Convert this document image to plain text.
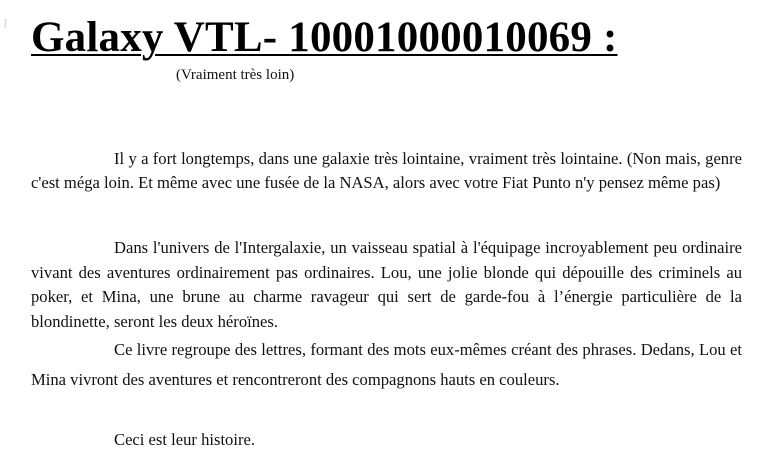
I Galaxy VTL- 10001000010069 :

(Vraiment très loin)

Il y a fort longtemps, dans une galaxie très lointaine, vraiment très lointaine. (Non mais, genre c'est méga loin. Et même avec une fusée de la NASA, alors avec votre Fiat Punto n'y pensez même pas)

Dans l'univers de l'Intergalaxie, un vaisseau spatial à l'équipage incroyablement peu ordinaire vivant des aventures ordinairement pas ordinaires. Lou, une jolie blonde qui dépouille des criminels au poker, et Mina, une brune au charme ravageur qui sert de garde-fou à l’énergie particulière de la blondinette, seront les deux héroïnes.

Ce livre regroupe des lettres, formant des mots eux-mêmes créant des phrases. Dedans, Lou et Mina vivront des aventures et rencontreront des compagnons hauts en couleurs.

Ceci est leur histoire.
